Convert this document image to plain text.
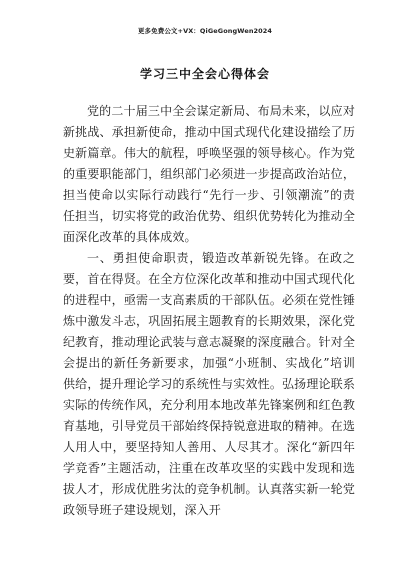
更多免费公文+VX：QiGeGongWen2024
学习三中全会心得体会

党的二十届三中全会谋定新局、布局未来，以应对新挑战、承担新使命，推动中国式现代化建设描绘了历史新篇章。伟大的航程，呼唤坚强的领导核心。作为党的重要职能部门，组织部门必须进一步提高政治站位，担当使命以实际行动践行“先行一步、引领潮流”的责任担当，切实将党的政治优势、组织优势转化为推动全面深化改革的具体成效。

一、勇担使命职责，锻造改革新锐先锋。在政之要，首在得贤。在全方位深化改革和推动中国式现代化的进程中，亟需一支高素质的干部队伍。必须在党性锤炼中激发斗志，巩固拓展主题教育的长期效果，深化党纪教育，推动理论武装与意志凝聚的深度融合。针对全会提出的新任务新要求，加强“小班制、实战化”培训供给，提升理论学习的系统性与实效性。弘扬理论联系实际的传统作风，充分利用本地改革先锋案例和红色教育基地，引导党员干部始终保持锐意进取的精神。在选人用人中，要坚持知人善用、人尽其才。深化“新四年学竞香”主题活动，注重在改革攻坚的实践中发现和选拔人才，形成优胜劣汰的竞争机制。认真落实新一轮党政领导班子建设规划，深入开
